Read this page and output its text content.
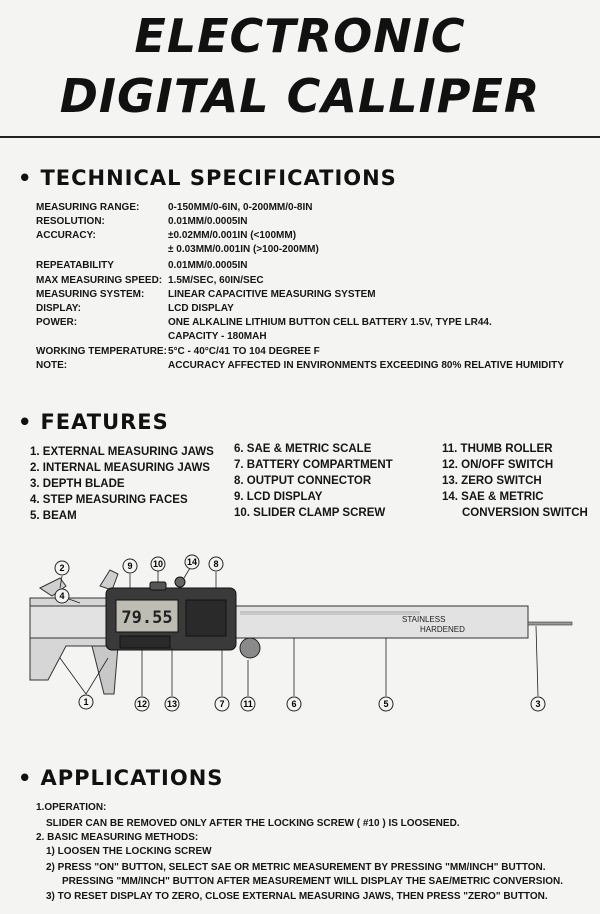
ELECTRONIC
DIGITAL CALLIPER
• TECHNICAL SPECIFICATIONS
MEASURING RANGE:	0-150MM/0-6IN, 0-200MM/0-8IN
RESOLUTION:	0.01MM/0.0005IN
ACCURACY:	±0.02MM/0.001IN (<100MM)
± 0.03MM/0.001IN (>100-200MM)
REPEATABILITY	0.01MM/0.0005IN
MAX MEASURING SPEED: 1.5M/SEC, 60IN/SEC
MEASURING SYSTEM: LINEAR CAPACITIVE MEASURING SYSTEM
DISPLAY:	LCD DISPLAY
POWER:	ONE ALKALINE LITHIUM BUTTON CELL BATTERY 1.5V, TYPE LR44.
CAPACITY - 180MAH
WORKING TEMPERATURE: 5°C - 40°C/41 TO 104 DEGREE F
NOTE:	ACCURACY AFFECTED IN ENVIRONMENTS EXCEEDING 80% RELATIVE HUMIDITY
• FEATURES
1. EXTERNAL MEASURING JAWS
2. INTERNAL MEASURING JAWS
3. DEPTH BLADE
4. STEP MEASURING FACES
5. BEAM
6. SAE & METRIC SCALE
7. BATTERY COMPARTMENT
8. OUTPUT CONNECTOR
9. LCD DISPLAY
10. SLIDER CLAMP SCREW
11. THUMB ROLLER
12. ON/OFF SWITCH
13. ZERO SWITCH
14. SAE & METRIC
CONVERSION SWITCH
STAINLESS
HARDENED
79.55
2
4
1
9 10	14 8
12 13	7 11	6	5	3
• APPLICATIONS
1.OPERATION:
SLIDER CAN BE REMOVED ONLY AFTER THE LOCKING SCREW ( #10 ) IS LOOSENED.
2. BASIC MEASURING METHODS:
1) LOOSEN THE LOCKING SCREW
2) PRESS "ON" BUTTON, SELECT SAE OR METRIC MEASUREMENT BY PRESSING "MM/INCH" BUTTON.
PRESSING "MM/INCH" BUTTON AFTER MEASUREMENT WILL DISPLAY THE SAE/METRIC CONVERSION.
3) TO RESET DISPLAY TO ZERO, CLOSE EXTERNAL MEASURING JAWS, THEN PRESS "ZERO" BUTTON.
